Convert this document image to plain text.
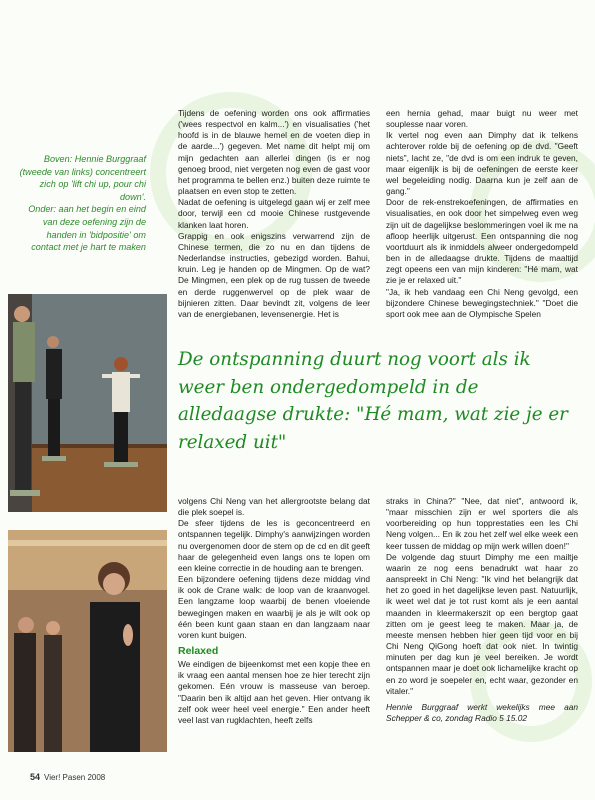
Boven: Hennie Burggraaf (tweede van links) concentreert zich op 'lift chi up, pour chi down'.

Onder: aan het begin en eind van deze oefening zijn de handen in 'bidpositie' om contact met je hart te maken

Tijdens de oefening worden ons ook affirmaties ('wees respectvol en kalm...') en visualisaties ('het hoofd is in de blauwe hemel en de voeten diep in de aarde...') gegeven. Met name dit helpt mij om mijn gedachten aan allerlei dingen (is er nog genoeg brood, niet vergeten nog even de gast voor het programma te bellen enz.) buiten deze ruimte te plaatsen en even stop te zetten.

Nadat de oefening is uitgelegd gaan wij er zelf mee door, terwijl een cd mooie Chinese rustgevende klanken laat horen.

Grappig en ook enigszins verwarrend zijn de Chinese termen, die zo nu en dan tijdens de Nederlandse instructies, gebezigd worden. Bahui, kruin. Leg je handen op de Mingmen. Op de wat? De Mingmen, een plek op de rug tussen de tweede en derde ruggenwervel op de plek waar de bijnieren zitten. Daar bevindt zit, volgens de leer van de energiebanen, levensenergie. Het is

een hernia gehad, maar buigt nu weer met souplesse naar voren.

Ik vertel nog even aan Dimphy dat ik telkens achterover rolde bij de oefening op de dvd. "Geeft niets", lacht ze, "de dvd is om een indruk te geven, maar eigenlijk is bij de oefeningen de eerste keer wel begeleiding nodig. Daarna kun je zelf aan de gang."

Door de rek-enstrekoefeningen, de affirmaties en visualisaties, en ook door het simpelweg even weg zijn uit de dagelijkse beslommeringen voel ik me na afloop heerlijk uitgerust. Een ontspanning die nog voortduurt als ik inmiddels alweer ondergedompeld ben in de alledaagse drukte. Tijdens de maaltijd zegt opeens een van mijn kinderen: "Hé mam, wat zie je er relaxed uit."

"Ja, ik heb vandaag een Chi Neng gevolgd, een bijzondere Chinese bewegingstechniek." "Doet die sport ook mee aan de Olympische Spelen

De ontspanning duurt nog voort als ik weer ben ondergedompeld in de alledaagse drukte: "Hé mam, wat zie je er relaxed uit"

volgens Chi Neng van het allergrootste belang dat die plek soepel is.

De sfeer tijdens de les is geconcentreerd en ontspannen tegelijk. Dimphy's aanwijzingen worden nu overgenomen door de stem op de cd en dit geeft haar de gelegenheid even langs ons te lopen om een kleine correctie in de houding aan te brengen.

Een bijzondere oefening tijdens deze middag vind ik ook de Crane walk: de loop van de kraanvogel. Een langzame loop waarbij de benen vloeiende bewegingen maken en waarbij je als je wilt ook op één been kunt gaan staan en dan langzaam naar voren kunt buigen.

Relaxed

We eindigen de bijeenkomst met een kopje thee en ik vraag een aantal mensen hoe ze hier terecht zijn gekomen. Eén vrouw is masseuse van beroep. "Daarin ben ik altijd aan het geven. Hier ontvang ik zelf ook weer heel veel energie." Een ander heeft veel last van rugklachten, heeft zelfs

straks in China?" "Nee, dat niet", antwoord ik, "maar misschien zijn er wel sporters die als voorbereiding op hun topprestaties een les Chi Neng volgen... En ik zou het zelf wel elke week een keer tussen de middag op mijn werk willen doen!"

De volgende dag stuurt Dimphy me een mailtje waarin ze nog eens benadrukt wat haar zo aanspreekt in Chi Neng: "Ik vind het belangrijk dat het zo goed in het dagelijkse leven past. Natuurlijk, ik weet wel dat je tot rust komt als je een aantal maanden in kleermakerszit op een bergtop gaat zitten om je geest leeg te maken. Maar ja, de meeste mensen hebben hier geen tijd voor en bij Chi Neng QiGong hoeft dat ook niet. In twintig minuten per dag kun je veel bereiken. Je wordt ontspannen maar je doet ook lichamelijke kracht op en zo word je soepeler en, echt waar, gezonder en vitaler."

Hennie Burggraaf werkt wekelijks mee aan Schepper & co, zondag Radio 5 15.02

54 Vier! Pasen 2008
